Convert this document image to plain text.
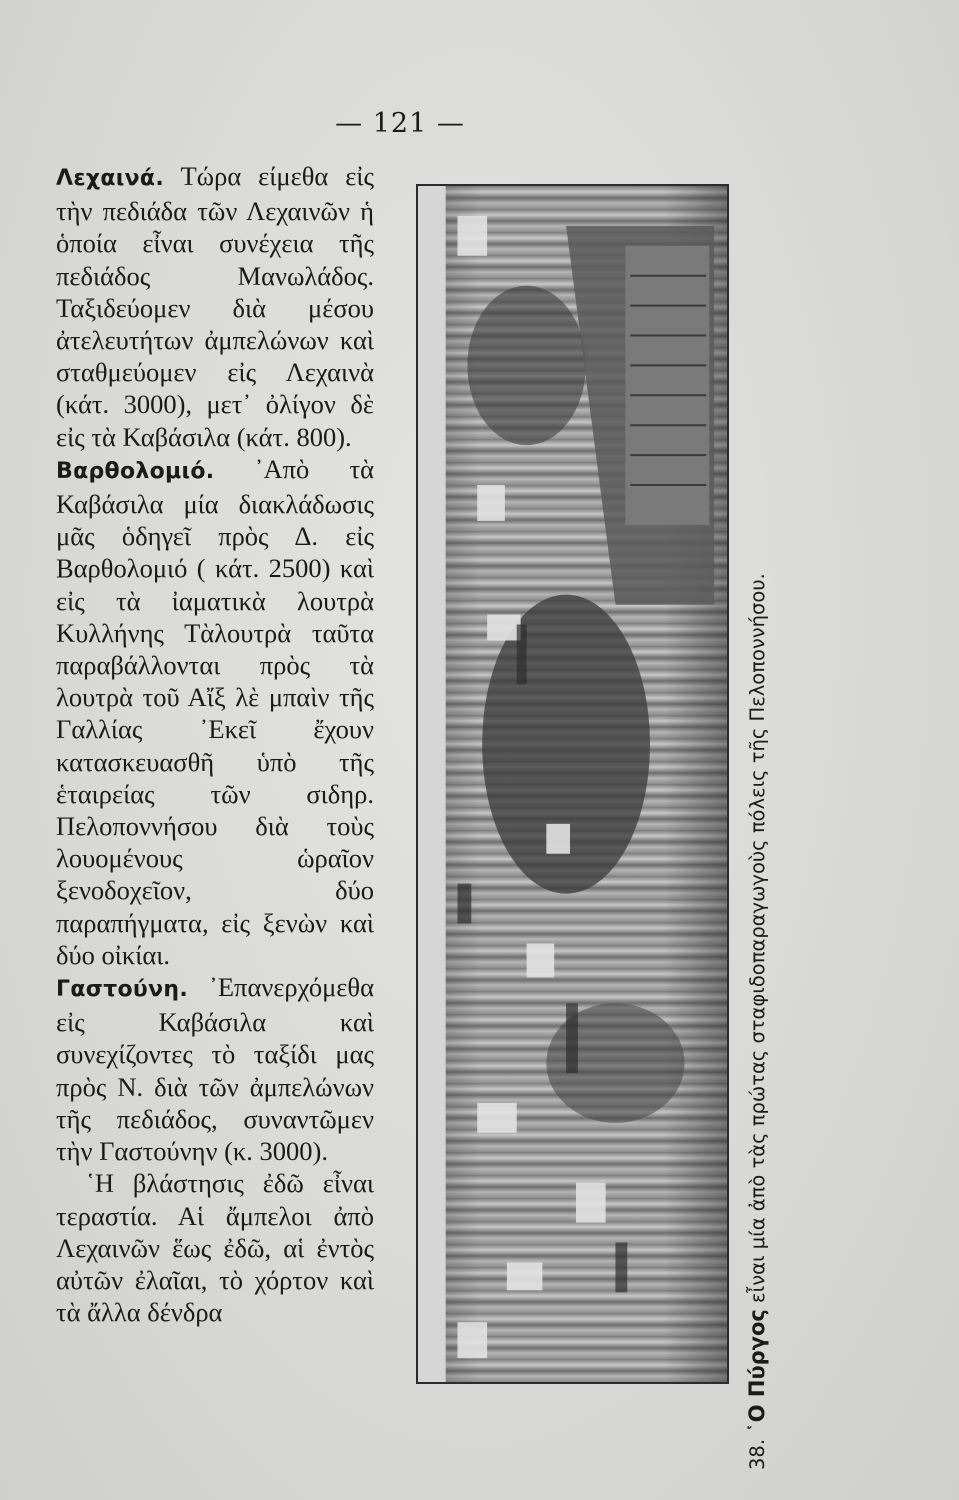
— 121 —

Λεχαινά. Τώρα είμεθα εἰς τὴν πεδιάδα τῶν Λεχαινῶν ἡ ὁποία εἶναι συνέχεια τῆς πεδιάδος Μανωλάδος. Ταξιδεύομεν διὰ μέσου ἀτελευτήτων ἀμπελώνων καὶ σταθμεύομεν εἰς Λεχαινὰ (κάτ. 3000), μετ᾿ ὀλίγον δὲ εἰς τὰ Καβάσιλα (κάτ. 800).

Βαρθολομιό. ᾿Απὸ τὰ Καβάσιλα μία διακλάδωσις μᾶς ὁδηγεῖ πρὸς Δ. εἰς Βαρθολομιό ( κάτ. 2500) καὶ εἰς τὰ ἰαματικὰ λουτρὰ Κυλλήνης Τὰλουτρὰ ταῦτα παραβάλλονται πρὸς τὰ λουτρὰ τοῦ Αἴξ λὲ μπαὶν τῆς Γαλλίας ᾿Εκεῖ ἔχουν κατασκευασθῆ ὑπὸ τῆς ἑταιρείας τῶν σιδηρ. Πελοποννήσου διὰ τοὺς λουομένους ὡραῖον ξενοδοχεῖον, δύο παραπήγματα, εἰς ξενὼν καὶ δύο οἰκίαι.

Γαστούνη. ᾿Επανερχόμεθα εἰς Καβάσιλα καὶ συνεχίζοντες τὸ ταξίδι μας πρὸς Ν. διὰ τῶν ἀμπελώνων τῆς πεδιάδος, συναντῶμεν τὴν Γαστούνην (κ. 3000).

῾Η βλάστησις ἐδῶ εἶναι τεραστία. Αἱ ἄμπελοι ἀπὸ Λεχαινῶν ἕως ἐδῶ, αἱ ἐντὸς αὐτῶν ἐλαῖαι, τὸ χόρτον καὶ τὰ ἄλλα δένδρα

38. ῾Ο Πύργος εἶναι μία ἀπὸ τὰς πρώτας σταφιδοπαραγωγοὺς πόλεις τῆς Πελοποννήσου.
